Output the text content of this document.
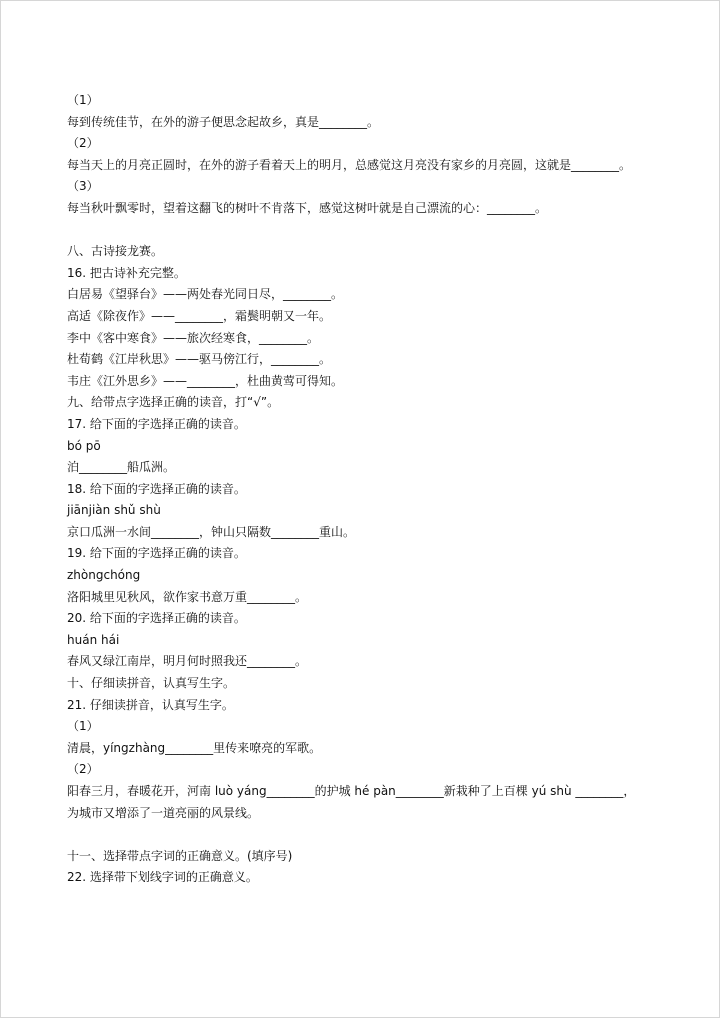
（1）
每到传统佳节，在外的游子便思念起故乡，真是________。
（2）
每当天上的月亮正圆时，在外的游子看着天上的明月，总感觉这月亮没有家乡的月亮圆，这就是________。
（3）
每当秋叶飘零时，望着这翻飞的树叶不肯落下，感觉这树叶就是自己漂流的心：________。
八、古诗接龙赛。
16. 把古诗补充完整。
白居易《望驿台》——两处春光同日尽，________。
高适《除夜作》——________，霜鬓明朝又一年。
李中《客中寒食》——旅次经寒食，________。
杜荀鹤《江岸秋思》——驱马傍江行，________。
韦庄《江外思乡》——________，杜曲黄莺可得知。
九、给带点字选择正确的读音，打“√”。
17. 给下面的字选择正确的读音。
bó pō
泊________船瓜洲。
18. 给下面的字选择正确的读音。
jiānjiàn shǔ shù
京口瓜洲一水间________，钟山只隔数________重山。
19. 给下面的字选择正确的读音。
zhòngchóng
洛阳城里见秋风，欲作家书意万重________。
20. 给下面的字选择正确的读音。
huán hái
春风又绿江南岸，明月何时照我还________。
十、仔细读拼音，认真写生字。
21. 仔细读拼音，认真写生字。
（1）
清晨，yíngzhàng________里传来嘹亮的军歌。
（2）
阳春三月，春暖花开，河南 luò yáng________的护城 hé pàn________新栽种了上百棵 yú shù ________，
为城市又增添了一道亮丽的风景线。
十一、选择带点字词的正确意义。(填序号)
22. 选择带下划线字词的正确意义。
